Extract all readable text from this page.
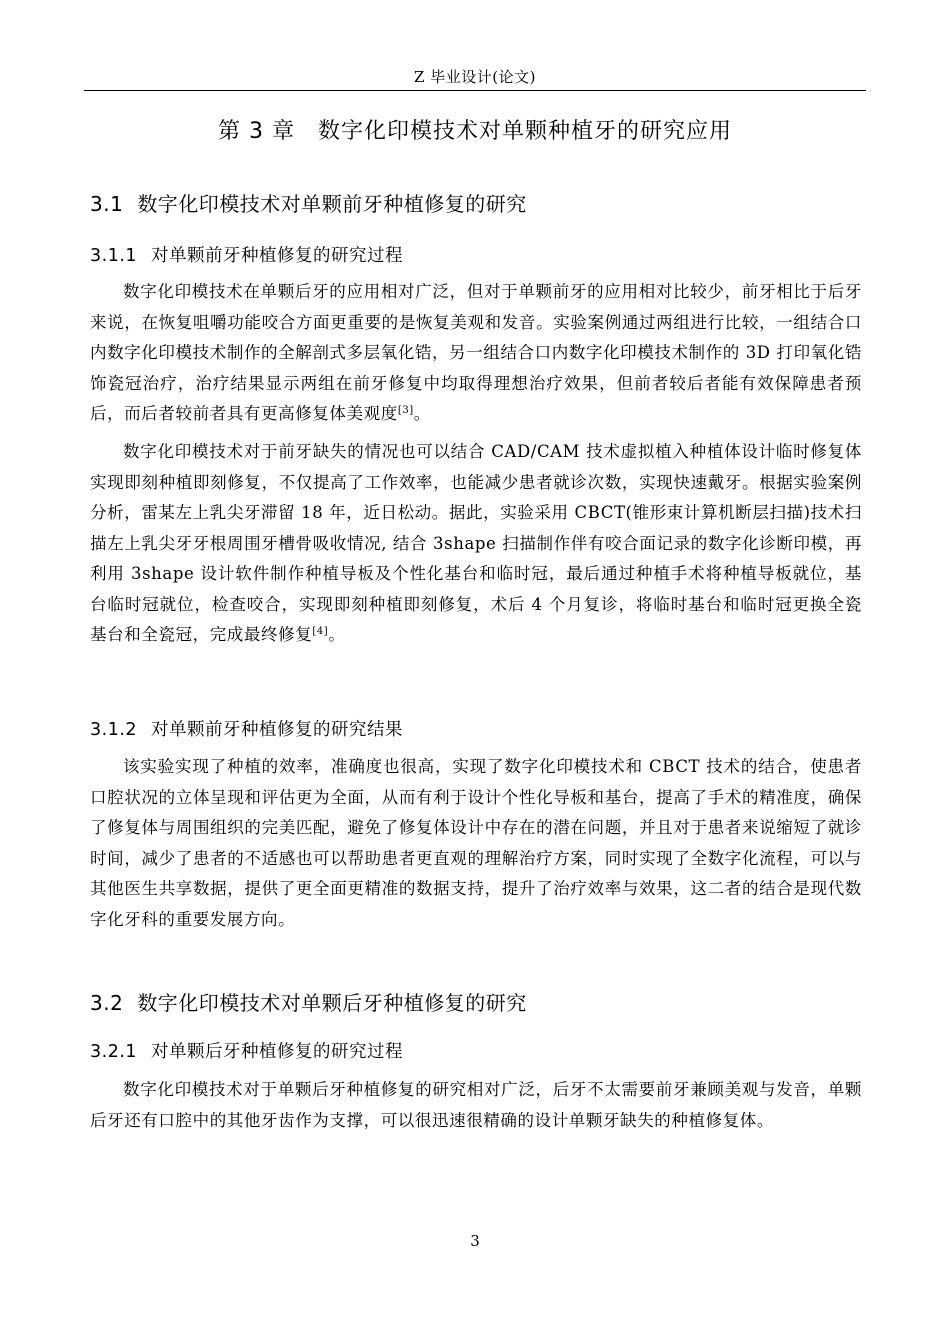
Z 毕业设计(论文)
第 3 章　数字化印模技术对单颗种植牙的研究应用
3.1 数字化印模技术对单颗前牙种植修复的研究
3.1.1 对单颗前牙种植修复的研究过程

数字化印模技术在单颗后牙的应用相对广泛，但对于单颗前牙的应用相对比较少，前牙相比于后牙来说，在恢复咀嚼功能咬合方面更重要的是恢复美观和发音。实验案例通过两组进行比较，一组结合口内数字化印模技术制作的全解剖式多层氧化锆，另一组结合口内数字化印模技术制作的 3D 打印氧化锆饰瓷冠治疗，治疗结果显示两组在前牙修复中均取得理想治疗效果，但前者较后者能有效保障患者预后，而后者较前者具有更高修复体美观度[3]。

数字化印模技术对于前牙缺失的情况也可以结合 CAD/CAM 技术虚拟植入种植体设计临时修复体实现即刻种植即刻修复，不仅提高了工作效率，也能减少患者就诊次数，实现快速戴牙。根据实验案例分析，雷某左上乳尖牙滞留 18 年，近日松动。据此，实验采用 CBCT(锥形束计算机断层扫描)技术扫描左上乳尖牙牙根周围牙槽骨吸收情况, 结合 3shape 扫描制作伴有咬合面记录的数字化诊断印模，再利用 3shape 设计软件制作种植导板及个性化基台和临时冠，最后通过种植手术将种植导板就位，基台临时冠就位，检查咬合，实现即刻种植即刻修复，术后 4 个月复诊，将临时基台和临时冠更换全瓷基台和全瓷冠，完成最终修复[4]。

3.1.2 对单颗前牙种植修复的研究结果

该实验实现了种植的效率，准确度也很高，实现了数字化印模技术和 CBCT 技术的结合，使患者口腔状况的立体呈现和评估更为全面，从而有利于设计个性化导板和基台，提高了手术的精准度，确保了修复体与周围组织的完美匹配，避免了修复体设计中存在的潜在问题，并且对于患者来说缩短了就诊时间，减少了患者的不适感也可以帮助患者更直观的理解治疗方案，同时实现了全数字化流程，可以与其他医生共享数据，提供了更全面更精准的数据支持，提升了治疗效率与效果，这二者的结合是现代数字化牙科的重要发展方向。

3.2 数字化印模技术对单颗后牙种植修复的研究
3.2.1 对单颗后牙种植修复的研究过程

数字化印模技术对于单颗后牙种植修复的研究相对广泛，后牙不太需要前牙兼顾美观与发音，单颗后牙还有口腔中的其他牙齿作为支撑，可以很迅速很精确的设计单颗牙缺失的种植修复体。

3
